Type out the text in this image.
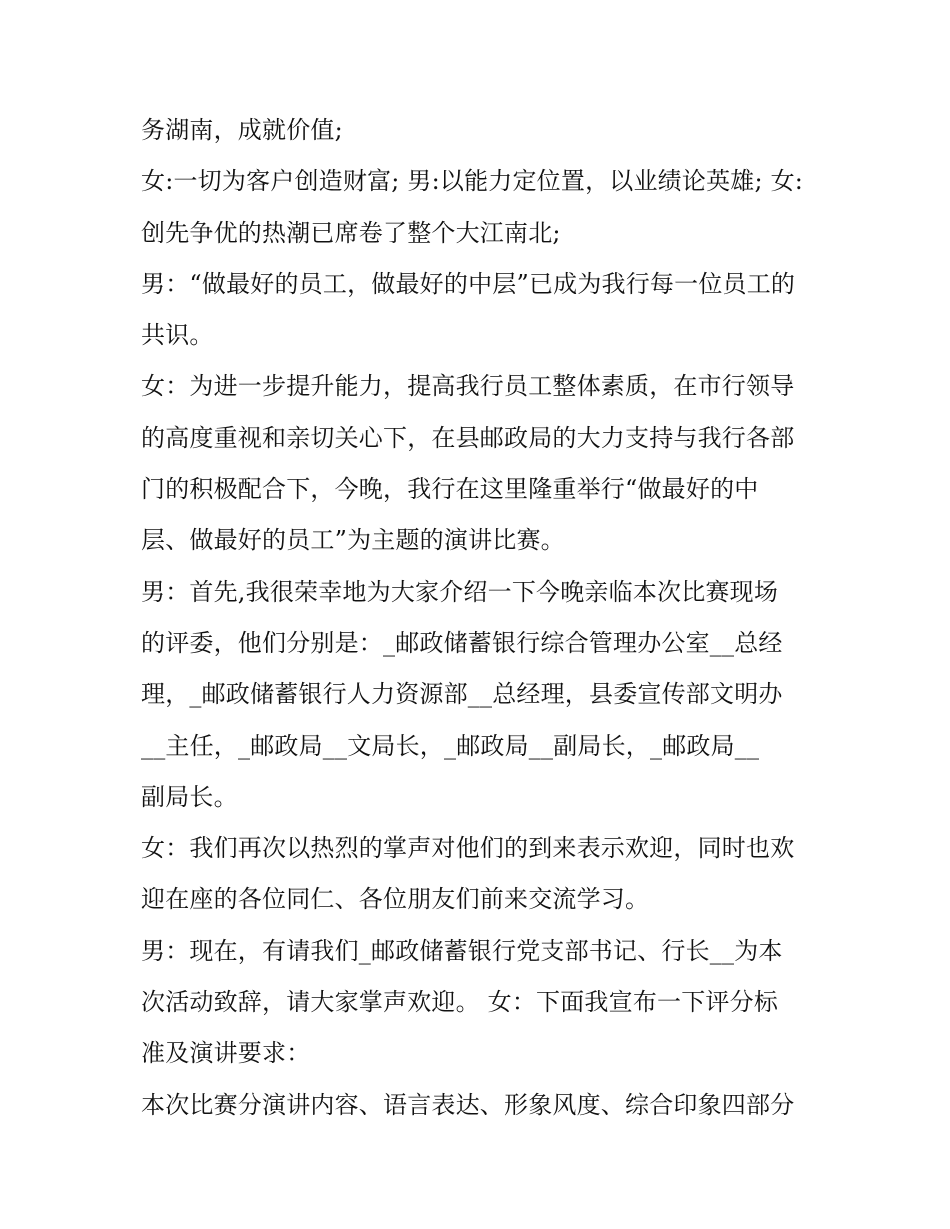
务湖南，成就价值;
女:一切为客户创造财富; 男:以能力定位置，以业绩论英雄; 女:
创先争优的热潮已席卷了整个大江南北;
男：“做最好的员工，做最好的中层”已成为我行每一位员工的
共识。
女：为进一步提升能力，提高我行员工整体素质，在市行领导
的高度重视和亲切关心下，在县邮政局的大力支持与我行各部
门的积极配合下，今晚，我行在这里隆重举行“做最好的中
层、做最好的员工”为主题的演讲比赛。
男：首先,我很荣幸地为大家介绍一下今晚亲临本次比赛现场
的评委，他们分别是：_邮政储蓄银行综合管理办公室__总经
理，_邮政储蓄银行人力资源部__总经理，县委宣传部文明办
__主任，_邮政局__文局长，_邮政局__副局长，_邮政局__
副局长。
女：我们再次以热烈的掌声对他们的到来表示欢迎，同时也欢
迎在座的各位同仁、各位朋友们前来交流学习。
男：现在，有请我们_邮政储蓄银行党支部书记、行长__为本
次活动致辞，请大家掌声欢迎。 女：下面我宣布一下评分标
准及演讲要求：
本次比赛分演讲内容、语言表达、形象风度、综合印象四部分
